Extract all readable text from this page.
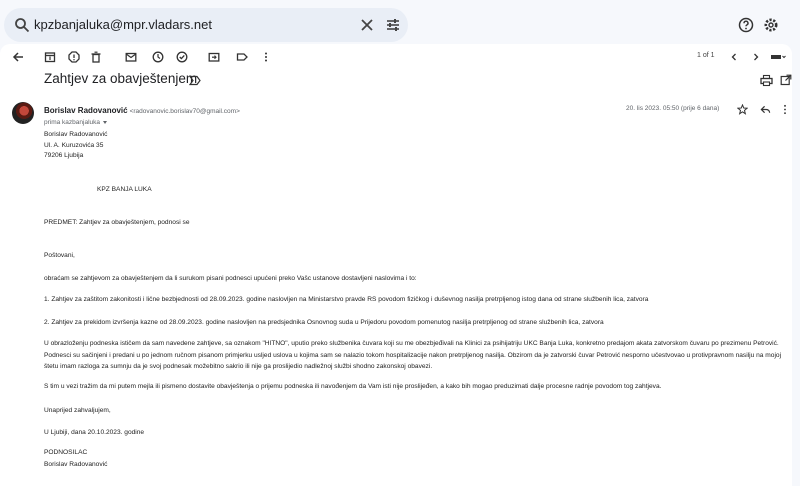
kpzbanjaluka@mpr.vladars.net
1 of 1
Zahtjev za obavještenjem
Borislav Radovanović <radovanovic.borislav70@gmail.com>
prima kazbanjaluka
20. lis 2023. 05:50 (prije 6 dana)
Borislav Radovanović
Ul. A. Kuruzovića 35
79206 Ljubija
KPZ BANJA LUKA
PREDMET: Zahtjev za obavještenjem, podnosi se
Poštovani,
obraćam se zahtjevom za obavještenjem da li surukom pisani podnesci upućeni preko Vašc ustanove dostavljeni naslovima i to:
1. Zahtjev za zaštitom zakonitosti i lične bezbjednosti od 28.09.2023. godine naslovljen na Ministarstvo pravde RS povodom fizičkog i duševnog nasilja pretrpljenog istog dana od strane službenih lica, zatvora
2. Zahtjev za prekidom izvršenja kazne od 28.09.2023. godine naslovljen na predsjednika Osnovnog suda u Prijedoru povodom pomenutog nasilja pretrpljenog od strane službenih lica, zatvora
U obrazloženju podneska ističem da sam navedene zahtjeve, sa oznakom "HITNO", uputio preko službenika čuvara koji su me obezbjeđivali na Klinici za psihijatriju UKC Banja Luka, konkretno predajom akata zatvorskom čuvaru po prezimenu Petrović. Podnesci su sačinjeni i predani u po jednom ručnom pisanom primjerku usljed uslova u kojima sam se nalazio tokom hospitalizacije nakon pretrpljenog nasilja. Obzirom da je zatvorski čuvar Petrović nesporno učestvovao u protivpravnom nasilju na mojoj štetu imam razloga za sumnju da je svoj podnesak možebitno sakrio ili nije ga proslijedio nadležnoj službi shodno zakonskoj obavezi.
S tim u vezi tražim da mi putem mejla ili pismeno dostavite obavještenja o prijemu podneska ili navođenjem da Vam isti nije proslijeđen, a kako bih mogao preduzimati dalje procesne radnje povodom tog zahtjeva.
Unaprijed zahvaljujem,
U Ljubiji, dana 20.10.2023. godine
PODNOSILAC
Borislav Radovanović
